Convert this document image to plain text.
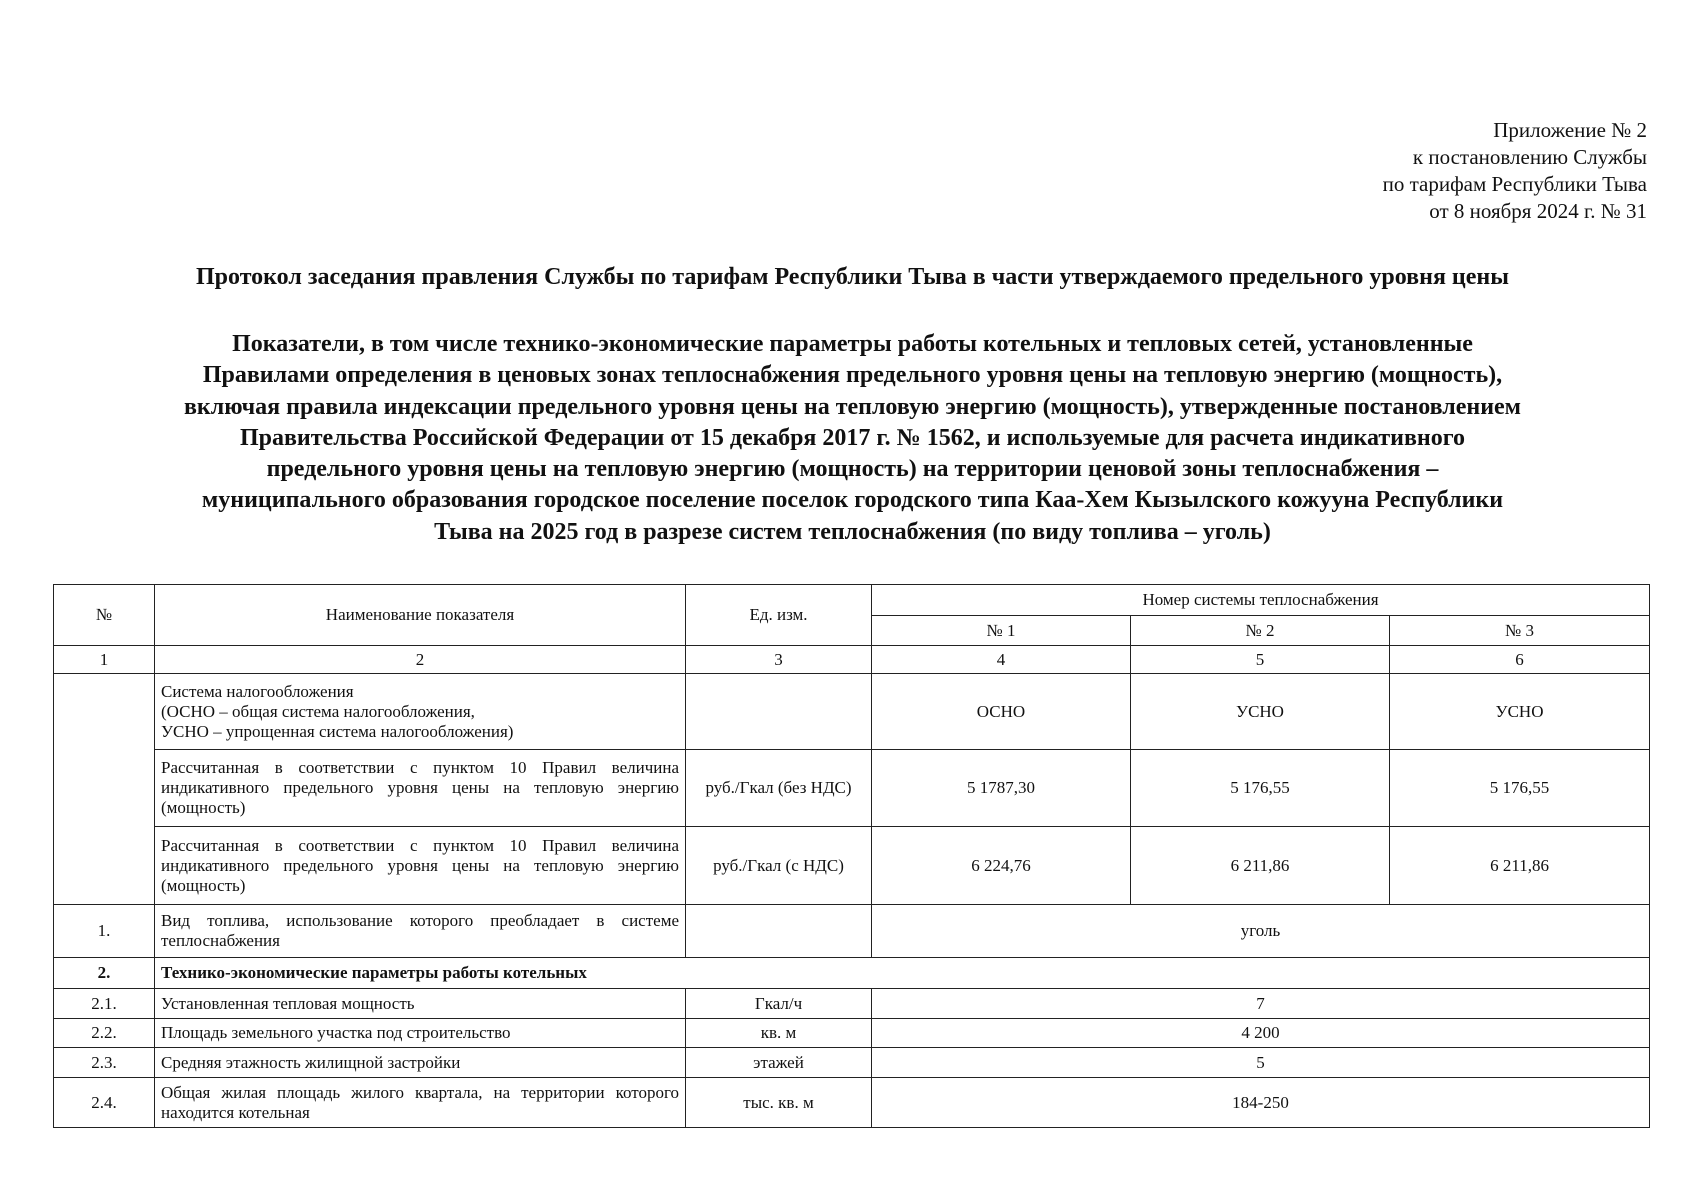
Приложение № 2
к постановлению Службы
по тарифам Республики Тыва
от 8 ноября 2024 г. № 31
Протокол заседания правления Службы по тарифам Республики Тыва в части утверждаемого предельного уровня цены
Показатели, в том числе технико-экономические параметры работы котельных и тепловых сетей, установленные
Правилами определения в ценовых зонах теплоснабжения предельного уровня цены на тепловую энергию (мощность),
включая правила индексации предельного уровня цены на тепловую энергию (мощность), утвержденные постановлением
Правительства Российской Федерации от 15 декабря 2017 г. № 1562, и используемые для расчета индикативного
предельного уровня цены на тепловую энергию (мощность) на территории ценовой зоны теплоснабжения –
муниципального образования городское поселение поселок городского типа Каа-Хем Кызылского кожууна Республики
Тыва на 2025 год в разрезе систем теплоснабжения (по виду топлива – уголь)
№	Наименование показателя	Ед. изм.	Номер системы теплоснабжения		
			№ 1	№ 2	№ 3
1	2	3	4	5	6
	Система налогообложения
(ОСНО – общая система налогообложения,
УСНО – упрощенная система налогообложения)		ОСНО	УСНО	УСНО
	Рассчитанная в соответствии с пунктом 10 Правил величина индикативного предельного уровня цены на тепловую энергию (мощность)	руб./Гкал (без НДС)	5 1787,30	5 176,55	5 176,55
	Рассчитанная в соответствии с пунктом 10 Правил величина индикативного предельного уровня цены на тепловую энергию (мощность)	руб./Гкал (с НДС)	6 224,76	6 211,86	6 211,86
1.	Вид топлива, использование которого преобладает в системе теплоснабжения		уголь		
2.	Технико-экономические параметры работы котельных				
2.1.	Установленная тепловая мощность	Гкал/ч	7		
2.2.	Площадь земельного участка под строительство	кв. м	4 200		
2.3.	Средняя этажность жилищной застройки	этажей	5		
2.4.	Общая жилая площадь жилого квартала, на территории которого находится котельная	тыс. кв. м	184-250		
